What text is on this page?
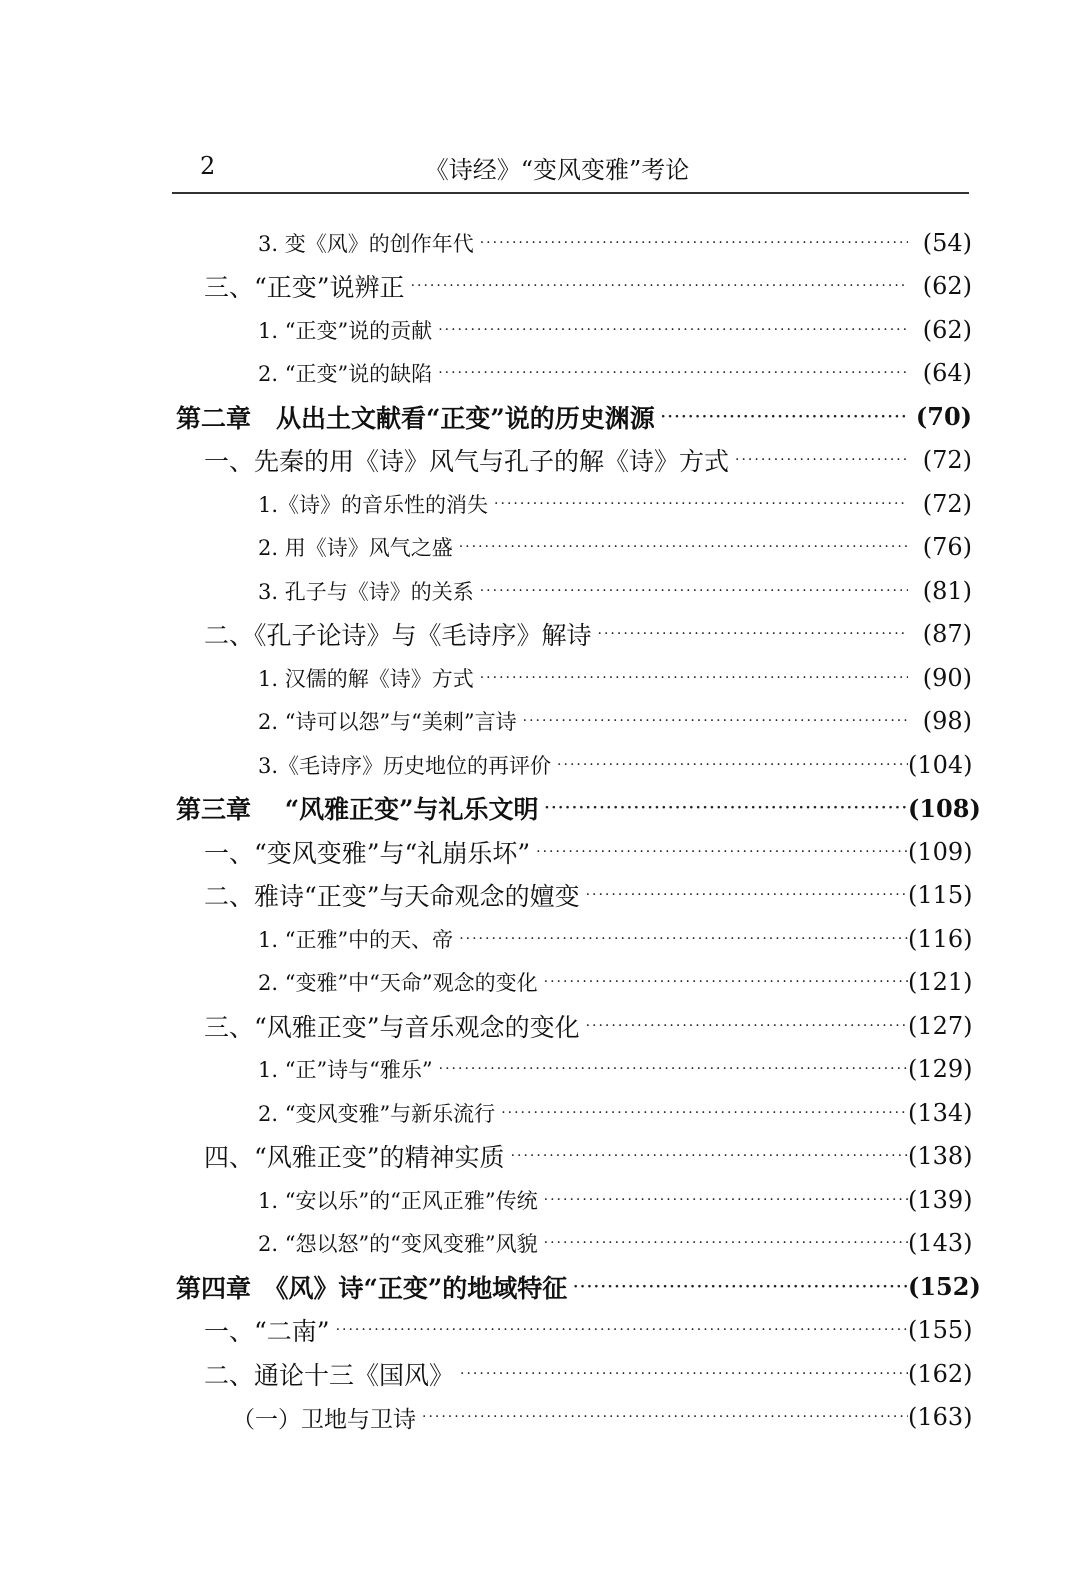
2	《诗经》“变风变雅”考论
3. 变《风》的创作年代 ·····	(54)
三、“正变”说辨正 ·····	(62)
1. “正变”说的贡献 ·····	(62)
2. “正变”说的缺陷 ·····	(64)
第二章　从出土文献看“正变”说的历史渊源 ·····	(70)
一、先秦的用《诗》风气与孔子的解《诗》方式 ·····	(72)
1.《诗》的音乐性的消失 ·····	(72)
2. 用《诗》风气之盛 ·····	(76)
3. 孔子与《诗》的关系 ·····	(81)
二、《孔子论诗》与《毛诗序》解诗 ·····	(87)
1. 汉儒的解《诗》方式 ·····	(90)
2. “诗可以怨”与“美刺”言诗 ·····	(98)
3.《毛诗序》历史地位的再评价 ·····	(104)
第三章　 “风雅正变”与礼乐文明 ·····	(108)
一、“变风变雅”与“礼崩乐坏” ·····	(109)
二、雅诗“正变”与天命观念的嬗变 ·····	(115)
1. “正雅”中的天、帝 ·····	(116)
2. “变雅”中“天命”观念的变化 ·····	(121)
三、“风雅正变”与音乐观念的变化 ·····	(127)
1. “正”诗与“雅乐” ·····	(129)
2. “变风变雅”与新乐流行 ·····	(134)
四、“风雅正变”的精神实质 ·····	(138)
1. “安以乐”的“正风正雅”传统 ·····	(139)
2. “怨以怒”的“变风变雅”风貌 ·····	(143)
第四章　《风》诗“正变”的地域特征 ·····	(152)
一、“二南” ·····	(155)
二、通论十三《国风》 ·····	(162)
（一）卫地与卫诗 ·····	(163)
